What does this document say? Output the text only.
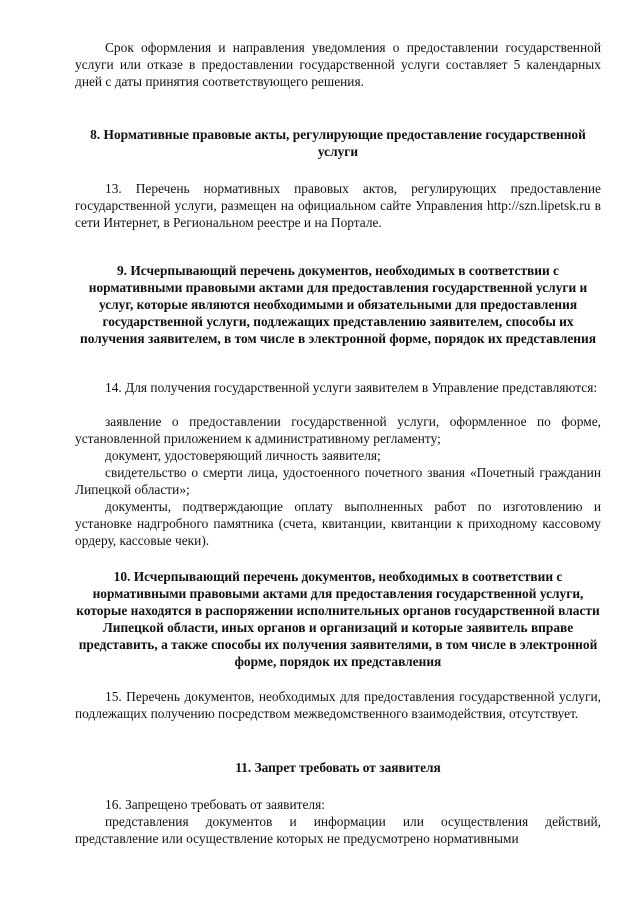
Срок оформления и направления уведомления о предоставлении государственной услуги или отказе в предоставлении государственной услуги составляет 5 календарных дней с даты принятия соответствующего решения.

8. Нормативные правовые акты, регулирующие предоставление государственной услуги

13. Перечень нормативных правовых актов, регулирующих предоставление государственной услуги, размещен на официальном сайте Управления http://szn.lipetsk.ru в сети Интернет, в Региональном реестре и на Портале.

9. Исчерпывающий перечень документов, необходимых в соответствии с нормативными правовыми актами для предоставления государственной услуги и услуг, которые являются необходимыми и обязательными для предоставления государственной услуги, подлежащих представлению заявителем, способы их получения заявителем, в том числе в электронной форме, порядок их представления

14. Для получения государственной услуги заявителем в Управление представляются:

заявление о предоставлении государственной услуги, оформленное по форме, установленной приложением к административному регламенту;

документ, удостоверяющий личность заявителя;

свидетельство о смерти лица, удостоенного почетного звания «Почетный гражданин Липецкой области»;

документы, подтверждающие оплату выполненных работ по изготовлению и установке надгробного памятника (счета, квитанции, квитанции к приходному кассовому ордеру, кассовые чеки).

10. Исчерпывающий перечень документов, необходимых в соответствии с нормативными правовыми актами для предоставления государственной услуги, которые находятся в распоряжении исполнительных органов государственной власти Липецкой области, иных органов и организаций и которые заявитель вправе представить, а также способы их получения заявителями, в том числе в электронной форме, порядок их представления

15. Перечень документов, необходимых для предоставления государственной услуги, подлежащих получению посредством межведомственного взаимодействия, отсутствует.

11. Запрет требовать от заявителя

16. Запрещено требовать от заявителя:

представления документов и информации или осуществления действий, представление или осуществление которых не предусмотрено нормативными
